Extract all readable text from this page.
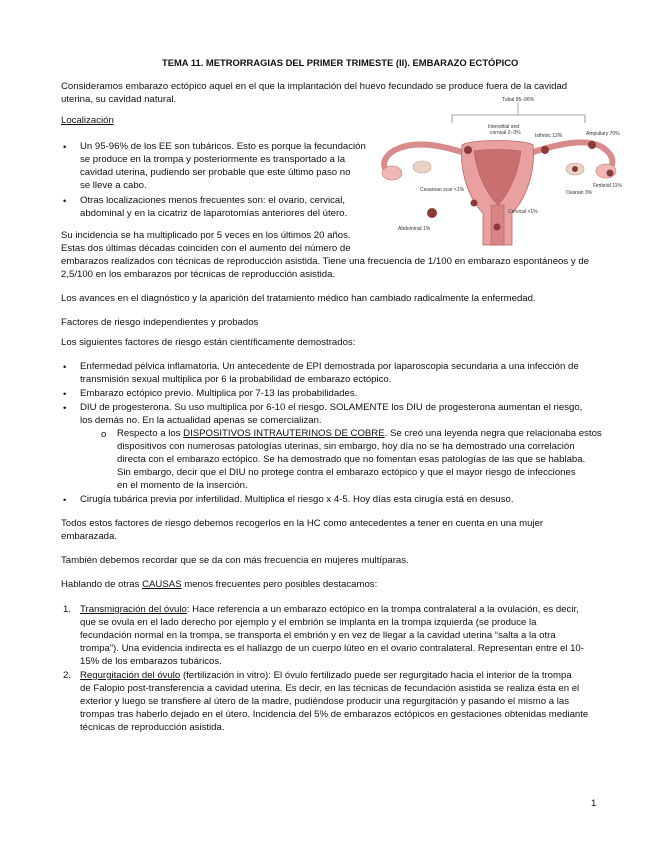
TEMA 11. METRORRAGIAS DEL PRIMER TRIMESTE (II). EMBARAZO ECTÓPICO
Consideramos embarazo ectópico aquel en el que la implantación del huevo fecundado se produce fuera de la cavidad
uterina, su cavidad natural.
Localización
• Un 95-96% de los EE son tubáricos. Esto es porque la fecundación
se produce en la trompa y posteriormente es transportado a la
cavidad uterina, pudiendo ser probable que este último paso no
se lleve a cabo.
• Otras localizaciones menos frecuentes son: el ovario, cervical,
abdominal y en la cicatriz de laparotomías anteriores del útero.
Su incidencia se ha multiplicado por 5 veces en los últimos 20 años.
Estas dos últimas décadas coinciden con el aumento del número de
embarazos realizados con técnicas de reproducción asistida. Tiene una frecuencia de 1/100 en embarazo espontáneos y de
2,5/100 en los embarazos por técnicas de reproducción asistida.
Los avances en el diagnóstico y la aparición del tratamiento médico han cambiado radicalmente la enfermedad.
Factores de riesgo independientes y probados
Los siguientes factores de riesgo están científicamente demostrados:
• Enfermedad pélvica inflamatoria. Un antecedente de EPI demostrada por laparoscopia secundaria a una infección de
transmisión sexual multiplica por 6 la probabilidad de embarazo ectópico.
• Embarazo ectópico previo. Multiplica por 7-13 las probabilidades.
• DIU de progesterona. Su uso multiplica por 6-10 el riesgo. SOLAMENTE los DIU de progesterona aumentan el riesgo,
los demás no. En la actualidad apenas se comercializan.
o Respecto a los DISPOSITIVOS INTRAUTERINOS DE COBRE. Se creó una leyenda negra que relacionaba estos
dispositivos con numerosas patologías uterinas, sin embargo, hoy día no se ha demostrado una correlación
directa con el embarazo ectópico. Se ha demostrado que no fomentan esas patologías de las que se hablaba.
Sin embargo, decir que el DIU no protege contra el embarazo ectópico y que el mayor riesgo de infecciones
en el momento de la inserción.
• Cirugía tubárica previa por infertilidad. Multiplica el riesgo x 4-5. Hoy días esta cirugía está en desuso.
Todos estos factores de riesgo debemos recogerlos en la HC como antecedentes a tener en cuenta en una mujer
embarazada.
También debemos recordar que se da con más frecuencia en mujeres multíparas.
Hablando de otras CAUSAS menos frecuentes pero posibles destacamos:
1. Transmigración del óvulo: Hace referencia a un embarazo ectópico en la trompa contralateral a la ovulación, es decir,
que se ovula en el lado derecho por ejemplo y el embrión se implanta en la trompa izquierda (se produce la
fecundación normal en la trompa, se transporta el embrión y en vez de llegar a la cavidad uterina “salta a la otra
trompa”). Una evidencia indirecta es el hallazgo de un cuerpo lúteo en el ovario contralateral. Representan entre el 10-
15% de los embarazos tubáricos.
2. Regurgitación del óvulo (fertilización in vitro): El óvulo fertilizado puede ser regurgitado hacia el interior de la trompa
de Falopio post-transferencia a cavidad uterina. Es decir, en las técnicas de fecundación asistida se realiza ésta en el
exterior y luego se transfiere al útero de la madre, pudiéndose producir una regurgitación y pasando el mismo a las
trompas tras haberlo dejado en el útero. Incidencia del 5% de embarazos ectópicos en gestaciones obtenidas mediante
técnicas de reproducción asistida.
1
Tubal 95–96%
Interstitial and
cornual 2–3%	Isthmic 12%	Ampullary 70%
Fimbrial 11%
Ovarian 3%
Cesarean scar <1%
Cervical <1%
Abdominal 1%
